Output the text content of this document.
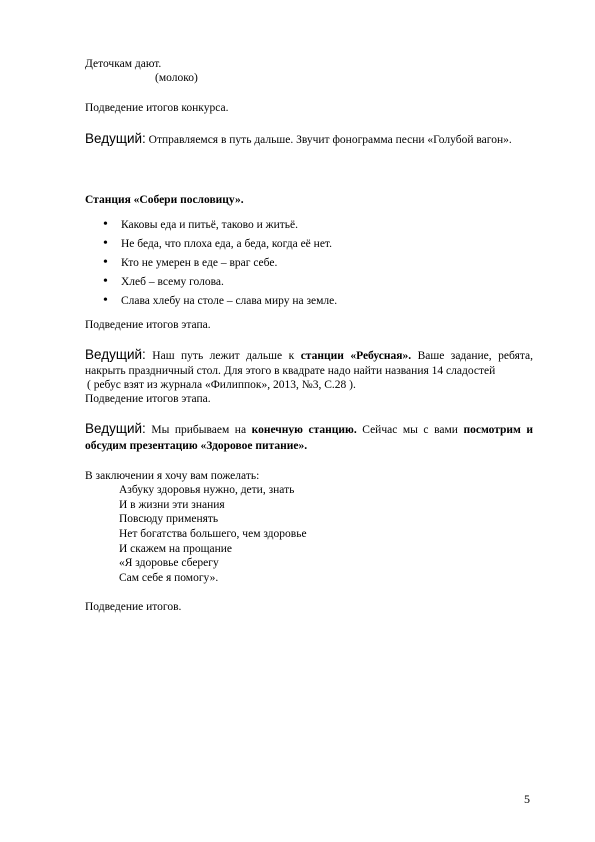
Деточкам дают.
(молоко)
Подведение итогов конкурса.
Ведущий: Отправляемся в путь дальше. Звучит фонограмма песни «Голубой вагон».
Станция «Собери пословицу».
• Каковы еда и питьё, таково и житьё.
• Не беда, что плоха еда, а беда, когда её нет.
• Кто не умерен в еде – враг себе.
• Хлеб – всему голова.
• Слава хлебу на столе – слава миру на земле.
Подведение итогов этапа.
Ведущий: Наш путь лежит дальше к станции «Ребусная». Ваше задание, ребята,
накрыть праздничный стол. Для этого в квадрате надо найти названия 14 сладостей
( ребус взят из журнала «Филиппок», 2013, №3, С.28 ).
Подведение итогов этапа.
Ведущий: Мы прибываем на конечную станцию. Сейчас мы с вами посмотрим и
обсудим презентацию «Здоровое питание».
В заключении я хочу вам пожелать:
Азбуку здоровья нужно, дети, знать
И в жизни эти знания
Повсюду применять
Нет богатства большего, чем здоровье
И скажем на прощание
«Я здоровье сберегу
Сам себе я помогу».
Подведение итогов.
5
